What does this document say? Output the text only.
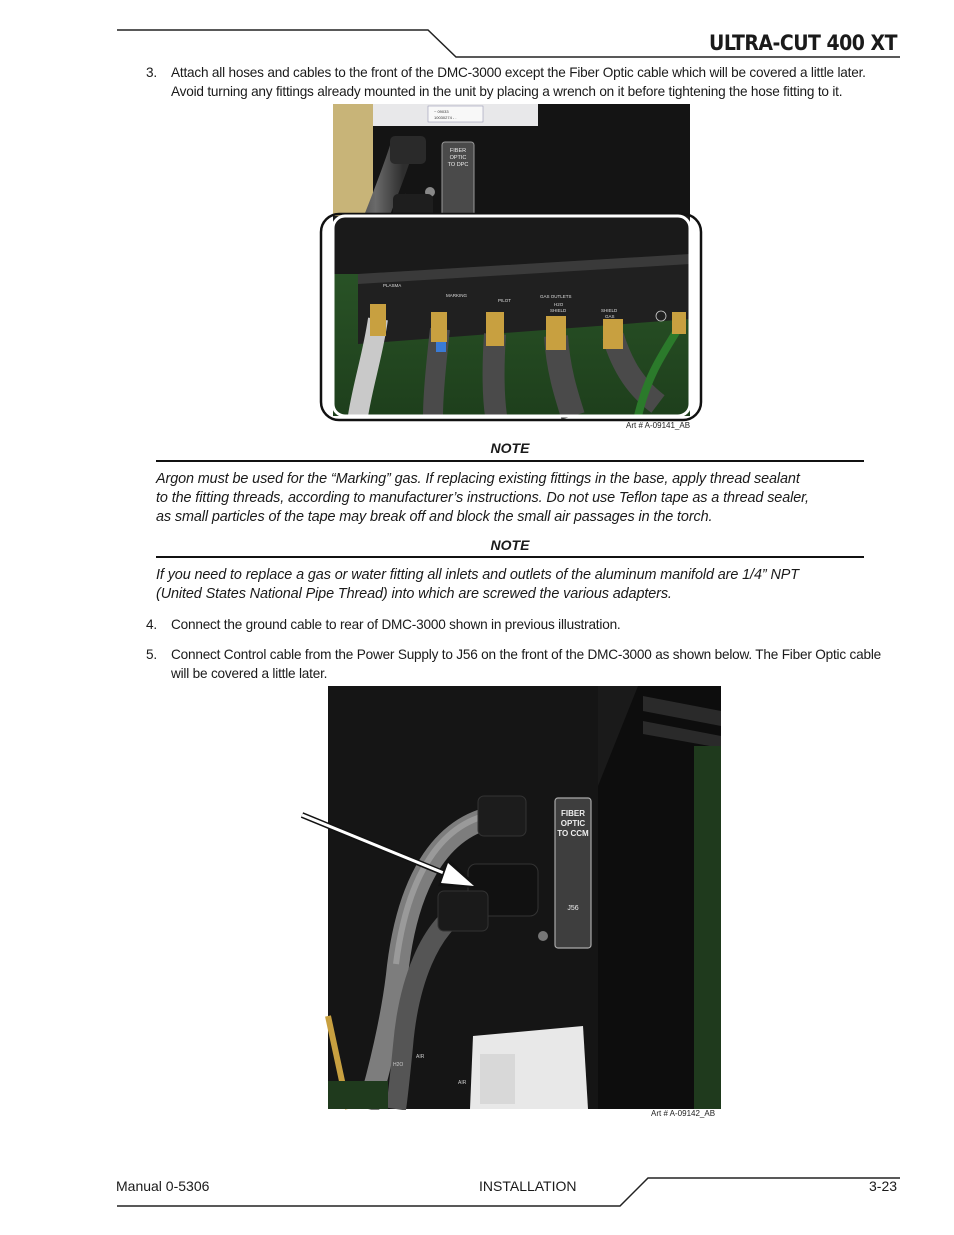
ULTRA-CUT 400 XT
3.	Attach all hoses and cables to the front of the DMC-3000 except the Fiber Optic cable which will be covered a little later.
Avoid turning any fittings already mounted in the unit by placing a wrench on it before tightening the hose fitting to it.
~ 09033
10030274 - .
FIBER
OPTIC
TO DPC
PLASMA
MARKING
PILOT
GAS OUTLETS
H2O
SHIELD	SHIELD
GAS
Art # A-09141_AB
NOTE
Argon must be used for the “Marking” gas. If replacing existing fittings in the base, apply thread sealant
to the fitting threads, according to manufacturer’s instructions. Do not use Teflon tape as a thread sealer,
as small particles of the tape may break off and block the small air passages in the torch.
NOTE
If you need to replace a gas or water fitting all inlets and outlets of the aluminum manifold are 1/4” NPT
(United States National Pipe Thread) into which are screwed the various adapters.
4.	Connect the ground cable to rear of DMC-3000 shown in previous illustration.
5.	Connect Control cable from the Power Supply to J56 on the front of the DMC-3000 as shown below. The Fiber Optic cable
will be covered a little later.
FIBER
OPTIC
TO CCM
J56
AIR
H2O
AIR
Art # A-09142_AB
Manual 0-5306	INSTALLATION	3-23
